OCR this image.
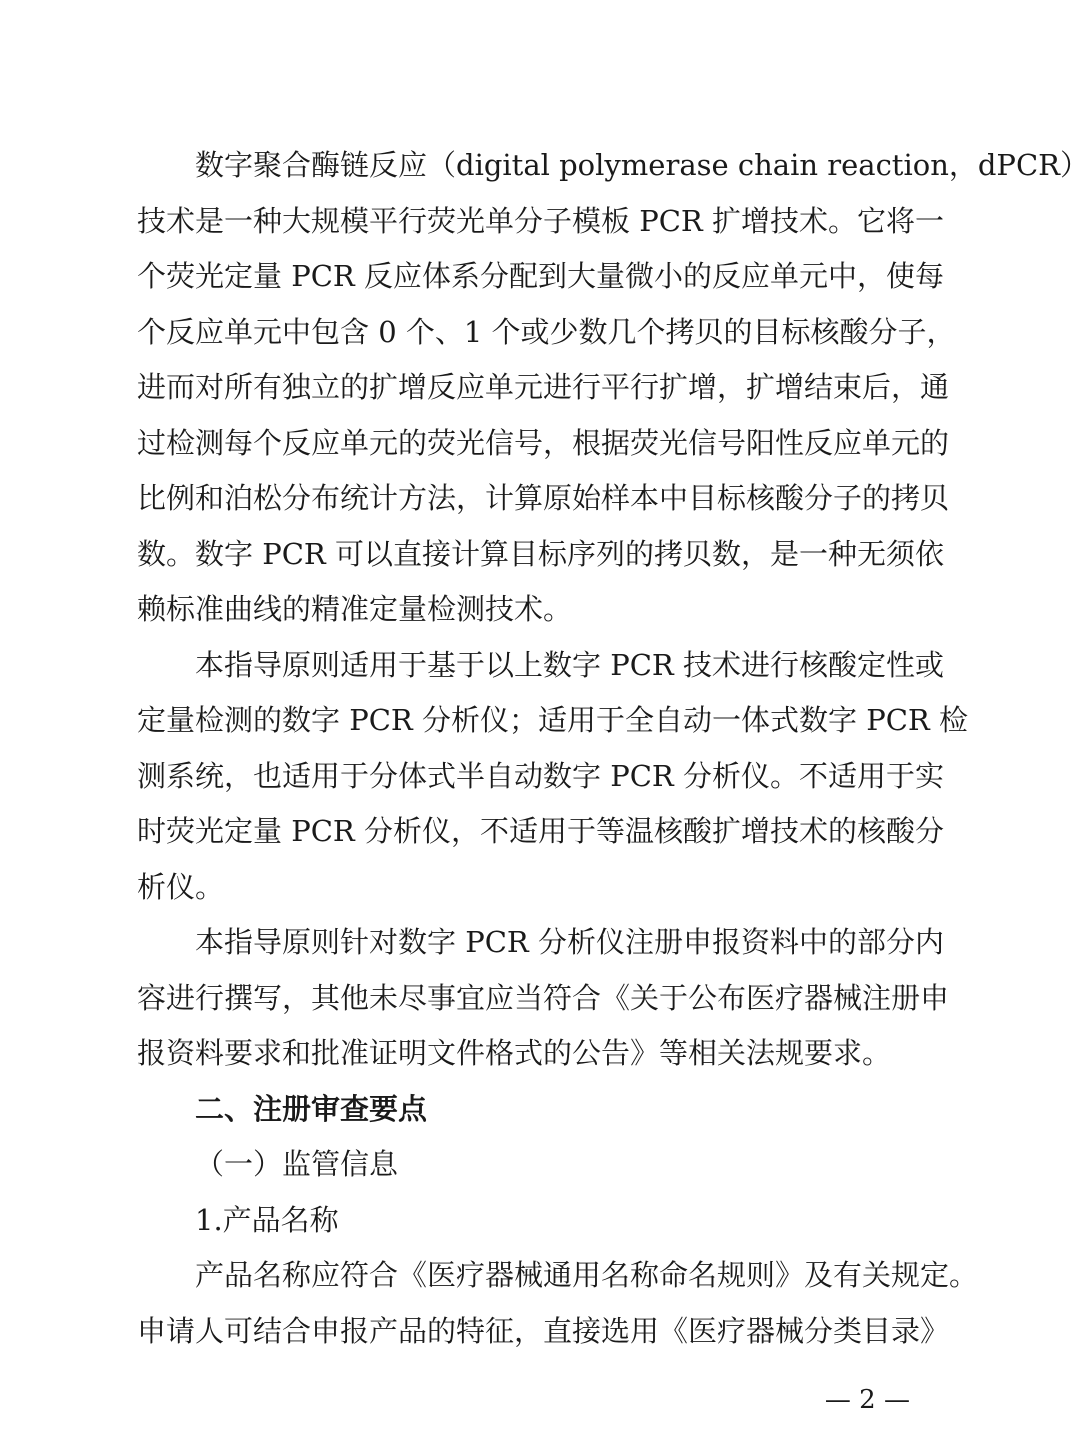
数字聚合酶链反应（digital polymerase chain reaction，dPCR）
技术是一种大规模平行荧光单分子模板 PCR 扩增技术。它将一
个荧光定量 PCR 反应体系分配到大量微小的反应单元中，使每
个反应单元中包含 0 个、1 个或少数几个拷贝的目标核酸分子，
进而对所有独立的扩增反应单元进行平行扩增，扩增结束后，通
过检测每个反应单元的荧光信号，根据荧光信号阳性反应单元的
比例和泊松分布统计方法，计算原始样本中目标核酸分子的拷贝
数。数字 PCR 可以直接计算目标序列的拷贝数，是一种无须依
赖标准曲线的精准定量检测技术。
本指导原则适用于基于以上数字 PCR 技术进行核酸定性或
定量检测的数字 PCR 分析仪；适用于全自动一体式数字 PCR 检
测系统，也适用于分体式半自动数字 PCR 分析仪。不适用于实
时荧光定量 PCR 分析仪，不适用于等温核酸扩增技术的核酸分
析仪。
本指导原则针对数字 PCR 分析仪注册申报资料中的部分内
容进行撰写，其他未尽事宜应当符合《关于公布医疗器械注册申
报资料要求和批准证明文件格式的公告》等相关法规要求。
二、注册审查要点
（一）监管信息
1.产品名称
产品名称应符合《医疗器械通用名称命名规则》及有关规定。
申请人可结合申报产品的特征，直接选用《医疗器械分类目录》
— 2 —
